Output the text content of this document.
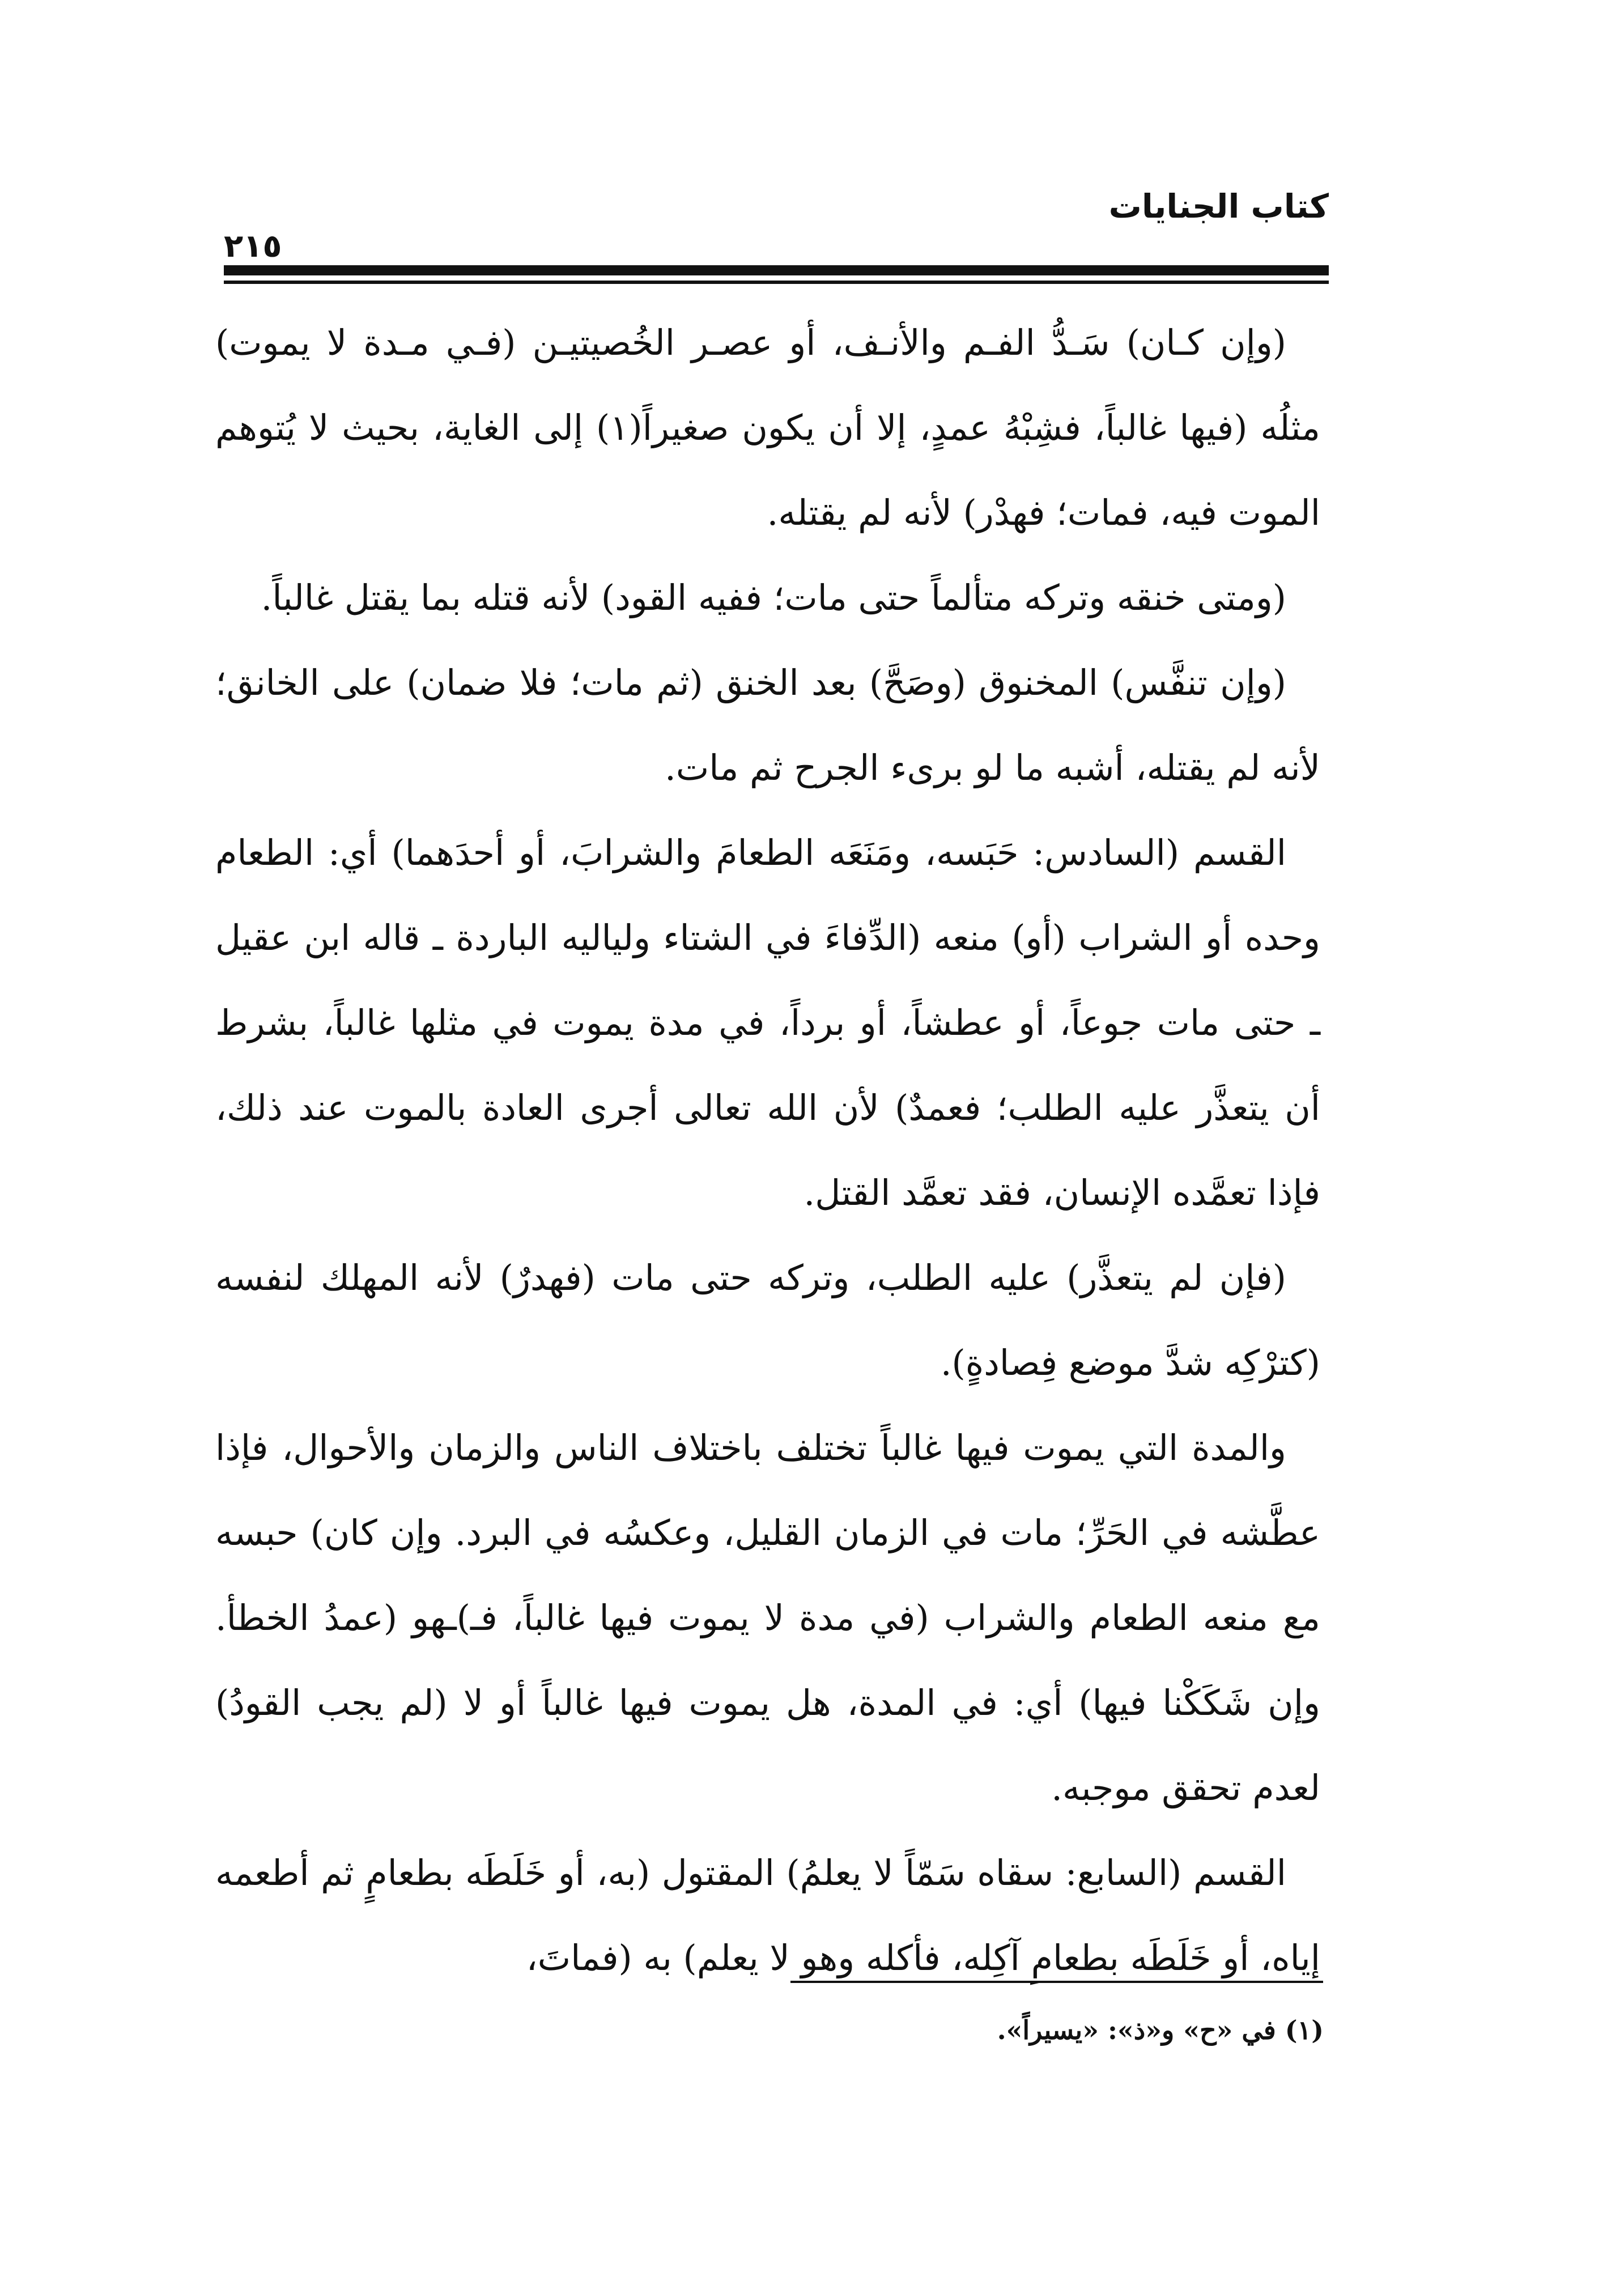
كتاب الجنايات
٢١٥

(وإن كـان) سَـدُّ الفـم والأنـف، أو عصـر الخُصيتيـن (فـي مـدة لا يموت) مثلُه (فيها غالباً، فشِبْهُ عمدٍ، إلا أن يكون صغيراً(١) إلى الغاية، بحيث لا يُتوهم الموت فيه، فمات؛ فهدْر) لأنه لم يقتله.

(ومتى خنقه وتركه متألماً حتى مات؛ ففيه القود) لأنه قتله بما يقتل غالباً.

(وإن تنفَّس) المخنوق (وصَحَّ) بعد الخنق (ثم مات؛ فلا ضمان) على الخانق؛ لأنه لم يقتله، أشبه ما لو برىء الجرح ثم مات.

القسم (السادس: حَبَسه، ومَنَعَه الطعامَ والشرابَ، أو أحدَهما) أي: الطعام وحده أو الشراب (أو) منعه (الدِّفاءَ في الشتاء ولياليه الباردة ـ قاله ابن عقيل ـ حتى مات جوعاً، أو عطشاً، أو برداً، في مدة يموت في مثلها غالباً، بشرط أن يتعذَّر عليه الطلب؛ فعمدٌ) لأن الله تعالى أجرى العادة بالموت عند ذلك، فإذا تعمَّده الإنسان، فقد تعمَّد القتل.

(فإن لم يتعذَّر) عليه الطلب، وتركه حتى مات (فهدرٌ) لأنه المهلك لنفسه (كترْكِه شدَّ موضع فِصادةٍ).

والمدة التي يموت فيها غالباً تختلف باختلاف الناس والزمان والأحوال، فإذا عطَّشه في الحَرِّ؛ مات في الزمان القليل، وعكسُه في البرد. وإن كان) حبسه مع منعه الطعام والشراب (في مدة لا يموت فيها غالباً، فـ)ـهو (عمدُ الخطأ. وإن شَكَكْنا فيها) أي: في المدة، هل يموت فيها غالباً أو لا (لم يجب القودُ) لعدم تحقق موجبه.

القسم (السابع: سقاه سَمّاً لا يعلمُ) المقتول (به، أو خَلَطَه بطعامٍ ثم أطعمه إياه، أو خَلَطَه بطعامِ آكِله، فأكله وهو لا يعلم) به (فماتَ،

(١) في «ح» و«ذ»: «يسيراً».
